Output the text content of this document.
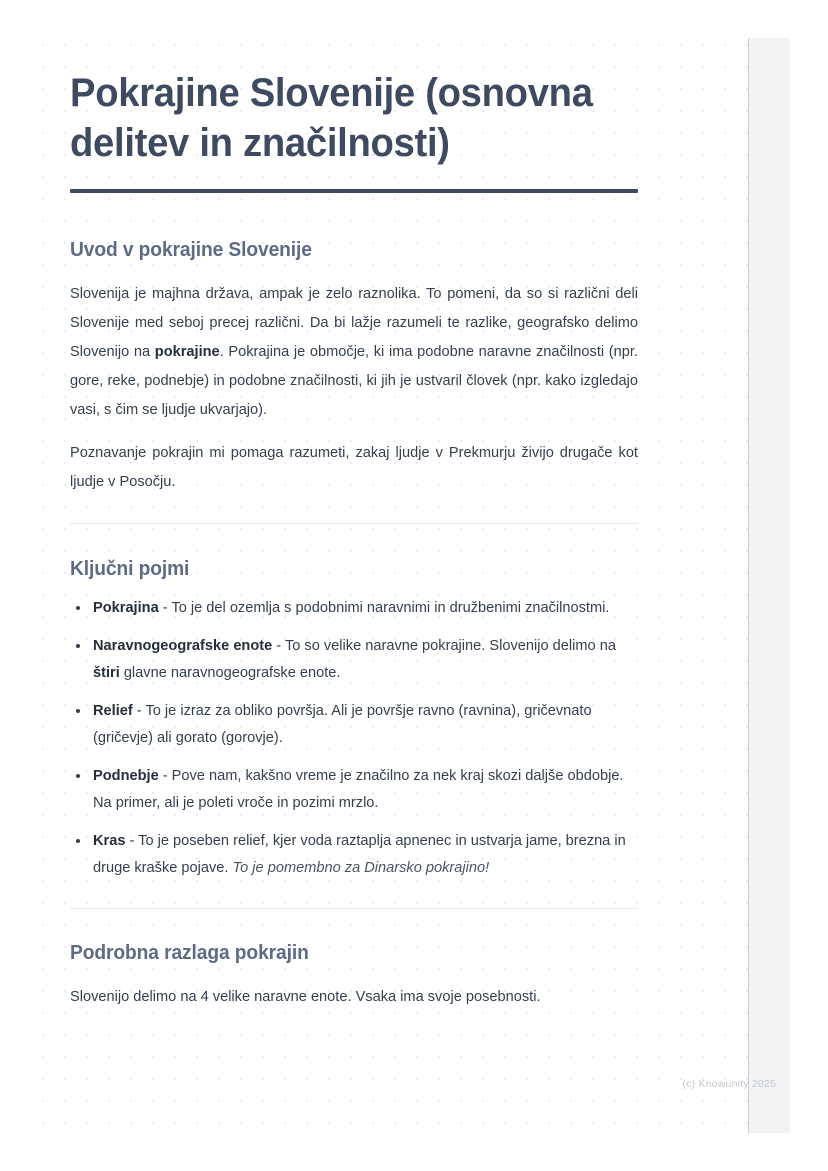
Pokrajine Slovenije (osnovna delitev in značilnosti)
Uvod v pokrajine Slovenije

Slovenija je majhna država, ampak je zelo raznolika. To pomeni, da so si različni deli Slovenije med seboj precej različni. Da bi lažje razumeli te razlike, geografsko delimo Slovenijo na pokrajine. Pokrajina je območje, ki ima podobne naravne značilnosti (npr. gore, reke, podnebje) in podobne značilnosti, ki jih je ustvaril človek (npr. kako izgledajo vasi, s čim se ljudje ukvarjajo).

Poznavanje pokrajin mi pomaga razumeti, zakaj ljudje v Prekmurju živijo drugače kot ljudje v Posočju.

Ključni pojmi
Pokrajina - To je del ozemlja s podobnimi naravnimi in družbenimi značilnostmi.
Naravnogeografske enote - To so velike naravne pokrajine. Slovenijo delimo na štiri glavne naravnogeografske enote.
Relief - To je izraz za obliko površja. Ali je površje ravno (ravnina), gričevnato (gričevje) ali gorato (gorovje).
Podnebje - Pove nam, kakšno vreme je značilno za nek kraj skozi daljše obdobje. Na primer, ali je poleti vroče in pozimi mrzlo.
Kras - To je poseben relief, kjer voda raztaplja apnenec in ustvarja jame, brezna in druge kraške pojave. To je pomembno za Dinarsko pokrajino!
Podrobna razlaga pokrajin

Slovenijo delimo na 4 velike naravne enote. Vsaka ima svoje posebnosti.

(c) Knowunity 2025
